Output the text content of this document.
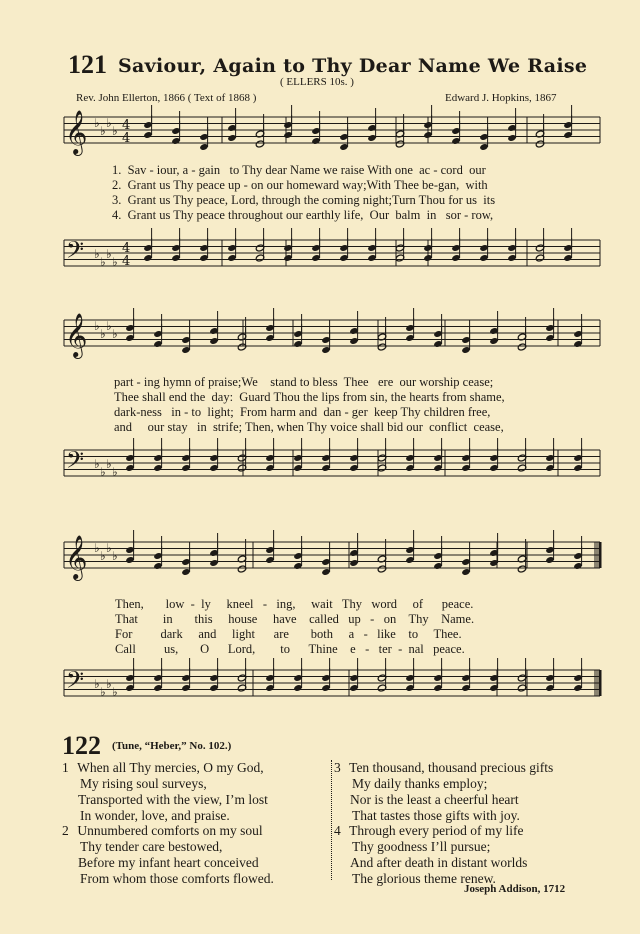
121 Saviour, Again to Thy Dear Name We Raise
( ELLERS 10s. )
Rev. John Ellerton, 1866 ( Text of 1868 )	Edward J. Hopkins, 1867
𝄞
𝄢
♭
♭
♭
♭
♭
♭
♭
♭
4
4
4
4
𝄞
𝄢
♭
♭
♭
♭
♭
♭
♭
♭
𝄞
𝄢
♭
♭
♭
♭
♭
♭
♭
♭
1.  Sav - iour, a - gain   to Thy dear Name we raise With one  ac - cord  our
2.  Grant us Thy peace up - on our homeward way;With Thee be-gan,  with
3.  Grant us Thy peace, Lord, through the coming night;Turn Thou for us  its
4.  Grant us Thy peace throughout our earthly life,  Our  balm  in   sor - row,
part - ing hymn of praise;We    stand to bless  Thee   ere  our worship cease;
Thee shall end the  day:  Guard Thou the lips from sin, the hearts from shame,
dark-ness   in - to  light;  From harm and  dan - ger  keep Thy children free,
and     our stay   in  strife; Then, when Thy voice shall bid our  conflict  cease,
Then,       low  -  ly     kneel   -   ing,     wait   Thy   word     of      peace.
That        in       this     house     have    called   up   -   on    Thy    Name.
For         dark     and     light      are       both     a   -   like    to     Thee.
Call         us,       O      Lord,        to      Thine    e   -   ter  -  nal   peace.
122 (Tune, “Heber,” No. 102.)
1 When all Thy mercies, O my God,
My rising soul surveys,
Transported with the view, I’m lost
In wonder, love, and praise.
2 Unnumbered comforts on my soul
Thy tender care bestowed,
Before my infant heart conceived
From whom those comforts flowed.
3 Ten thousand, thousand precious gifts
My daily thanks employ;
Nor is the least a cheerful heart
That tastes those gifts with joy.
4 Through every period of my life
Thy goodness I’ll pursue;
And after death in distant worlds
The glorious theme renew.
Joseph Addison, 1712
